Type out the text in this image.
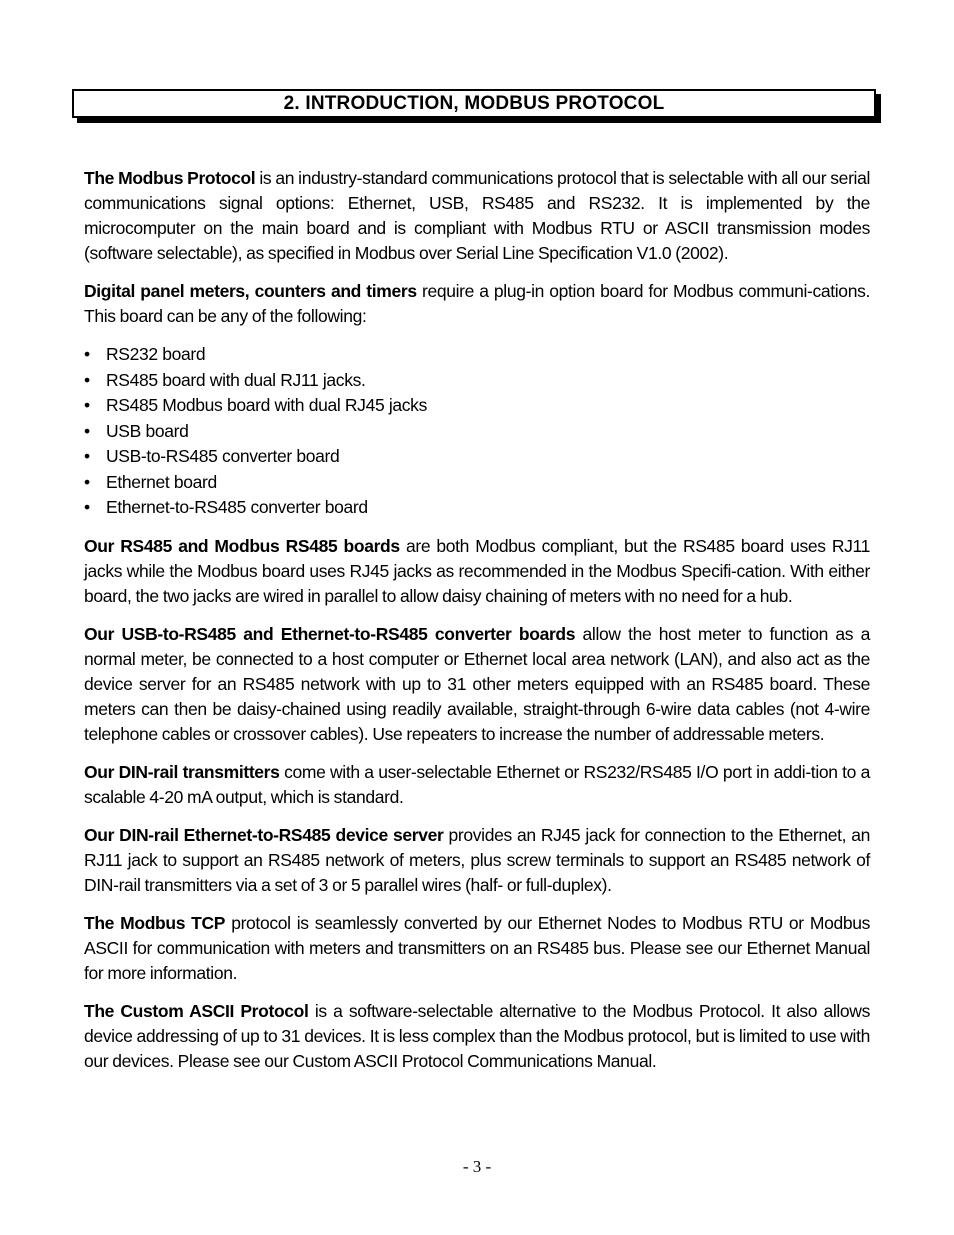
2. INTRODUCTION, MODBUS PROTOCOL

The Modbus Protocol is an industry-standard communications protocol that is selectable with all our serial communications signal options: Ethernet, USB, RS485 and RS232. It is implemented by the microcomputer on the main board and is compliant with Modbus RTU or ASCII transmission modes (software selectable), as specified in Modbus over Serial Line Specification V1.0 (2002).

Digital panel meters, counters and timers require a plug-in option board for Modbus communi-cations. This board can be any of the following:

• RS232 board
• RS485 board with dual RJ11 jacks.
• RS485 Modbus board with dual RJ45 jacks
• USB board
• USB-to-RS485 converter board
• Ethernet board
• Ethernet-to-RS485 converter board

Our RS485 and Modbus RS485 boards are both Modbus compliant, but the RS485 board uses RJ11 jacks while the Modbus board uses RJ45 jacks as recommended in the Modbus Specifi-cation. With either board, the two jacks are wired in parallel to allow daisy chaining of meters with no need for a hub.

Our USB-to-RS485 and Ethernet-to-RS485 converter boards allow the host meter to function as a normal meter, be connected to a host computer or Ethernet local area network (LAN), and also act as the device server for an RS485 network with up to 31 other meters equipped with an RS485 board. These meters can then be daisy-chained using readily available, straight-through 6-wire data cables (not 4-wire telephone cables or crossover cables). Use repeaters to increase the number of addressable meters.

Our DIN-rail transmitters come with a user-selectable Ethernet or RS232/RS485 I/O port in addi-tion to a scalable 4-20 mA output, which is standard.

Our DIN-rail Ethernet-to-RS485 device server provides an RJ45 jack for connection to the Ethernet, an RJ11 jack to support an RS485 network of meters, plus screw terminals to support an RS485 network of DIN-rail transmitters via a set of 3 or 5 parallel wires (half- or full-duplex).

The Modbus TCP protocol is seamlessly converted by our Ethernet Nodes to Modbus RTU or Modbus ASCII for communication with meters and transmitters on an RS485 bus. Please see our Ethernet Manual for more information.

The Custom ASCII Protocol is a software-selectable alternative to the Modbus Protocol. It also allows device addressing of up to 31 devices. It is less complex than the Modbus protocol, but is limited to use with our devices. Please see our Custom ASCII Protocol Communications Manual.

- 3 -
